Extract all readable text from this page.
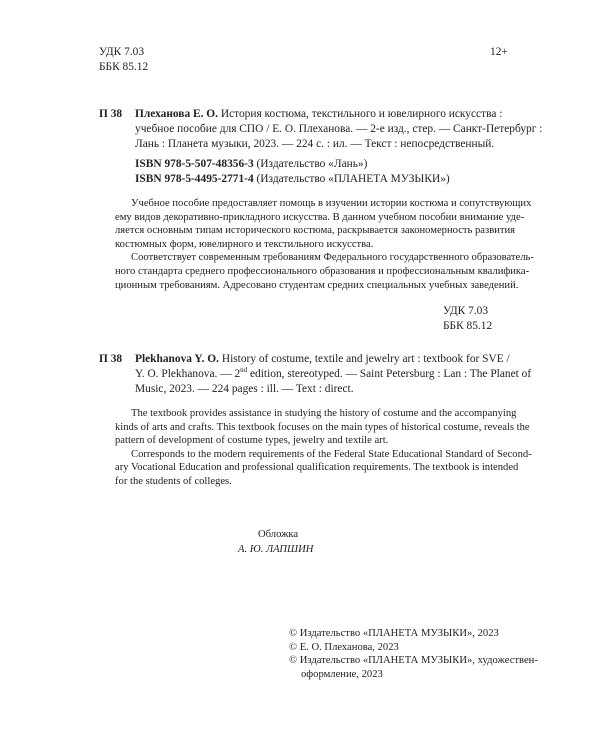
УДК 7.03
ББК 85.12
12+
П 38 Плеханова Е. О. История костюма, текстильного и ювелирного искусства :
учебное пособие для СПО / Е. О. Плеханова. — 2-е изд., стер. — Санкт-Петербург :
Лань : Планета музыки, 2023. — 224 с. : ил. — Текст : непосредственный.
ISBN 978-5-507-48356-3 (Издательство «Лань»)
ISBN 978-5-4495-2771-4 (Издательство «ПЛАНЕТА МУЗЫКИ»)
Учебное пособие предоставляет помощь в изучении истории костюма и сопутствующих
ему видов декоративно-прикладного искусства. В данном учебном пособии внимание уде-
ляется основным типам исторического костюма, раскрывается закономерность развития
костюмных форм, ювелирного и текстильного искусства.
Соответствует современным требованиям Федерального государственного образователь-
ного стандарта среднего профессионального образования и профессиональным квалифика-
ционным требованиям. Адресовано студентам средних специальных учебных заведений.
УДК 7.03
ББК 85.12
П 38 Plekhanova Y. O. History of costume, textile and jewelry art : textbook for SVE /
Y. O. Plekhanova. — 2nd edition, stereotyped. — Saint Petersburg : Lan : The Planet of
Music, 2023. — 224 pages : ill. — Text : direct.
The textbook provides assistance in studying the history of costume and the accompanying
kinds of arts and crafts. This textbook focuses on the main types of historical costume, reveals the
pattern of development of costume types, jewelry and textile art.
Corresponds to the modern requirements of the Federal State Educational Standard of Second-
ary Vocational Education and professional qualification requirements. The textbook is intended
for the students of colleges.
Обложка
А. Ю. ЛАПШИН
© Издательство «ПЛАНЕТА МУЗЫКИ», 2023
© Е. О. Плеханова, 2023
© Издательство «ПЛАНЕТА МУЗЫКИ», художествен-
оформление, 2023
